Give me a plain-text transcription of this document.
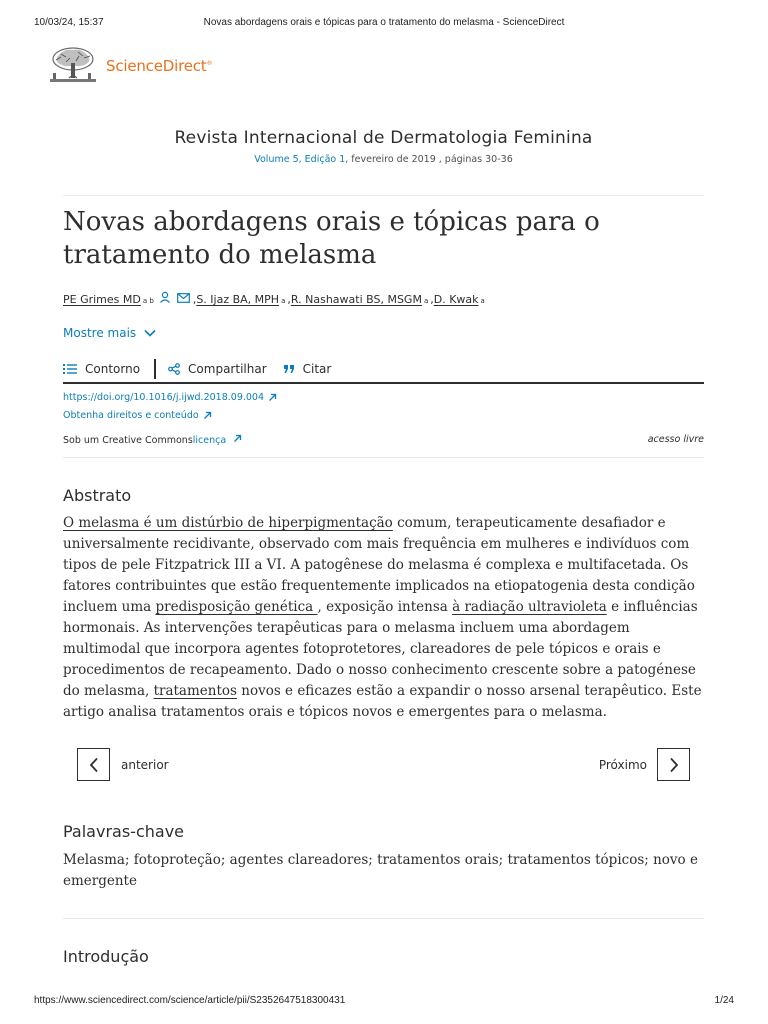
10/03/24, 15:37	Novas abordagens orais e tópicas para o tratamento do melasma - ScienceDirect
ScienceDirect®
Revista Internacional de Dermatologia Feminina
Volume 5, Edição 1, fevereiro de 2019 , páginas 30-36
Novas abordagens orais e tópicas para o tratamento do melasma
PE Grimes MD a b	, S. Ijaz BA, MPH a , R. Nashawati BS, MSGM a , D. Kwak a
Mostre mais
Contorno	Compartilhar	Citar
https://doi.org/10.1016/j.ijwd.2018.09.004
Obtenha direitos e conteúdo
Sob um Creative Commonslicença	acesso livre
Abstrato

O melasma é um distúrbio de hiperpigmentação comum, terapeuticamente desafiador e universalmente recidivante, observado com mais frequência em mulheres e indivíduos com tipos de pele Fitzpatrick III a VI. A patogênese do melasma é complexa e multifacetada. Os fatores contribuintes que estão frequentemente implicados na etiopatogenia desta condição incluem uma predisposição genética , exposição intensa à radiação ultravioleta e influências hormonais. As intervenções terapêuticas para o melasma incluem uma abordagem multimodal que incorpora agentes fotoprotetores, clareadores de pele tópicos e orais e procedimentos de recapeamento. Dado o nosso conhecimento crescente sobre a patogénese do melasma, tratamentos novos e eficazes estão a expandir o nosso arsenal terapêutico. Este artigo analisa tratamentos orais e tópicos novos e emergentes para o melasma.

anterior	Próximo
Palavras-chave

Melasma; fotoproteção; agentes clareadores; tratamentos orais; tratamentos tópicos; novo e emergente

Introdução
https://www.sciencedirect.com/science/article/pii/S2352647518300431	1/24
